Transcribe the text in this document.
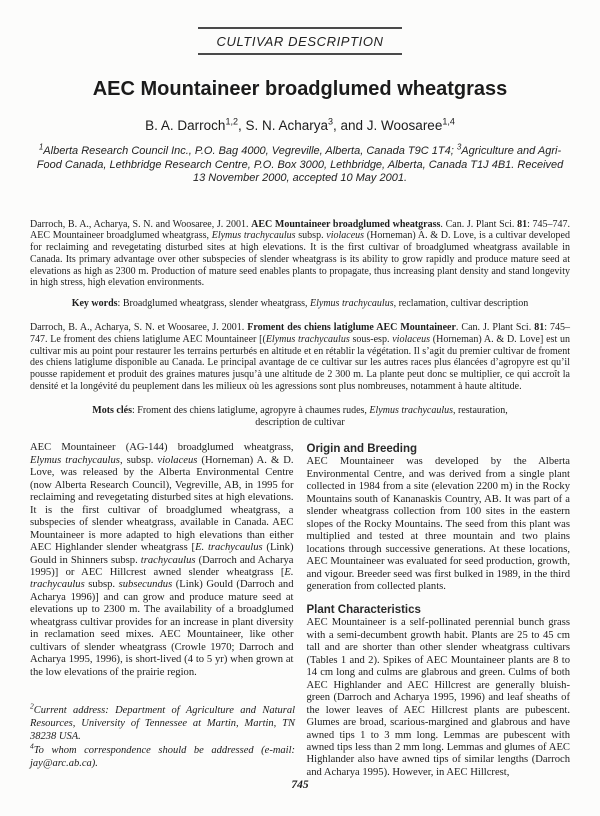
CULTIVAR DESCRIPTION
AEC Mountaineer broadglumed wheatgrass
B. A. Darroch$^{1,2}$, S. N. Acharya$^3$, and J. Woosaree$^{1,4}$
$^1$Alberta Research Council Inc., P.O. Bag 4000, Vegreville, Alberta, Canada T9C 1T4; $^3$Agriculture and Agri-Food Canada, Lethbridge Research Centre, P.O. Box 3000, Lethbridge, Alberta, Canada T1J 4B1. Received 13 November 2000, accepted 10 May 2001.

Darroch, B. A., Acharya, S. N. and Woosaree, J. 2001. AEC Mountaineer broadglumed wheatgrass. Can. J. Plant Sci. 81: 745–747. AEC Mountaineer broadglumed wheatgrass, Elymus trachycaulus subsp. violaceus (Horneman) A. & D. Love, is a cultivar developed for reclaiming and revegetating disturbed sites at high elevations. It is the first cultivar of broadglumed wheatgrass available in Canada. Its primary advantage over other subspecies of slender wheatgrass is its ability to grow rapidly and produce mature seed at elevations as high as 2300 m. Production of mature seed enables plants to propagate, thus increasing plant density and stand longevity in high stress, high elevation environments.

Key words: Broadglumed wheatgrass, slender wheatgrass, Elymus trachycaulus, reclamation, cultivar description

Darroch, B. A., Acharya, S. N. et Woosaree, J. 2001. Froment des chiens latiglume AEC Mountaineer. Can. J. Plant Sci. 81: 745–747. Le froment des chiens latiglume AEC Mountaineer [(Elymus trachycaulus sous-esp. violaceus (Horneman) A. & D. Love] est un cultivar mis au point pour restaurer les terrains perturbés en altitude et en rétablir la végétation. Il s’agit du premier cultivar de froment des chiens latiglume disponible au Canada. Le principal avantage de ce cultivar sur les autres races plus élancées d’agropyre est qu’il pousse rapidement et produit des graines matures jusqu’à une altitude de 2 300 m. La plante peut donc se multiplier, ce qui accroît la densité et la longévité du peuplement dans les milieux où les agressions sont plus nombreuses, notamment à haute altitude.

Mots clés: Froment des chiens latiglume, agropyre à chaumes rudes, Elymus trachycaulus, restauration, description de cultivar

AEC Mountaineer (AG-144) broadglumed wheatgrass, Elymus trachycaulus, subsp. violaceus (Horneman) A. & D. Love, was released by the Alberta Environmental Centre (now Alberta Research Council), Vegreville, AB, in 1995 for reclaiming and revegetating disturbed sites at high elevations. It is the first cultivar of broadglumed wheatgrass, a subspecies of slender wheatgrass, available in Canada. AEC Mountaineer is more adapted to high elevations than either AEC Highlander slender wheatgrass [E. trachycaulus (Link) Gould in Shinners subsp. trachycaulus (Darroch and Acharya 1995)] or AEC Hillcrest awned slender wheatgrass [E. trachycaulus subsp. subsecundus (Link) Gould (Darroch and Acharya 1996)] and can grow and produce mature seed at elevations up to 2300 m. The availability of a broadglumed wheatgrass cultivar provides for an increase in plant diversity in reclamation seed mixes. AEC Mountaineer, like other cultivars of slender wheatgrass (Crowle 1970; Darroch and Acharya 1995, 1996), is short-lived (4 to 5 yr) when grown at the low elevations of the prairie region.

Origin and Breeding

AEC Mountaineer was developed by the Alberta Environmental Centre, and was derived from a single plant collected in 1984 from a site (elevation 2200 m) in the Rocky Mountains south of Kananaskis Country, AB. It was part of a slender wheatgrass collection from 100 sites in the eastern slopes of the Rocky Mountains. The seed from this plant was multiplied and tested at three mountain and two plains locations through successive generations. At these locations, AEC Mountaineer was evaluated for seed production, growth, and vigour. Breeder seed was first bulked in 1989, in the third generation from collected plants.

Plant Characteristics

AEC Mountaineer is a self-pollinated perennial bunch grass with a semi-decumbent growth habit. Plants are 25 to 45 cm tall and are shorter than other slender wheatgrass cultivars (Tables 1 and 2). Spikes of AEC Mountaineer plants are 8 to 14 cm long and culms are glabrous and green. Culms of both AEC Highlander and AEC Hillcrest are generally bluish-green (Darroch and Acharya 1995, 1996) and leaf sheaths of the lower leaves of AEC Hillcrest plants are pubescent. Glumes are broad, scarious-margined and glabrous and have awned tips 1 to 3 mm long. Lemmas are pubescent with awned tips less than 2 mm long. Lemmas and glumes of AEC Highlander also have awned tips of similar lengths (Darroch and Acharya 1995). However, in AEC Hillcrest,

$^2$Current address: Department of Agriculture and Natural Resources, University of Tennessee at Martin, Martin, TN 38238 USA.

$^4$To whom correspondence should be addressed (e-mail: jay@arc.ab.ca).

745
